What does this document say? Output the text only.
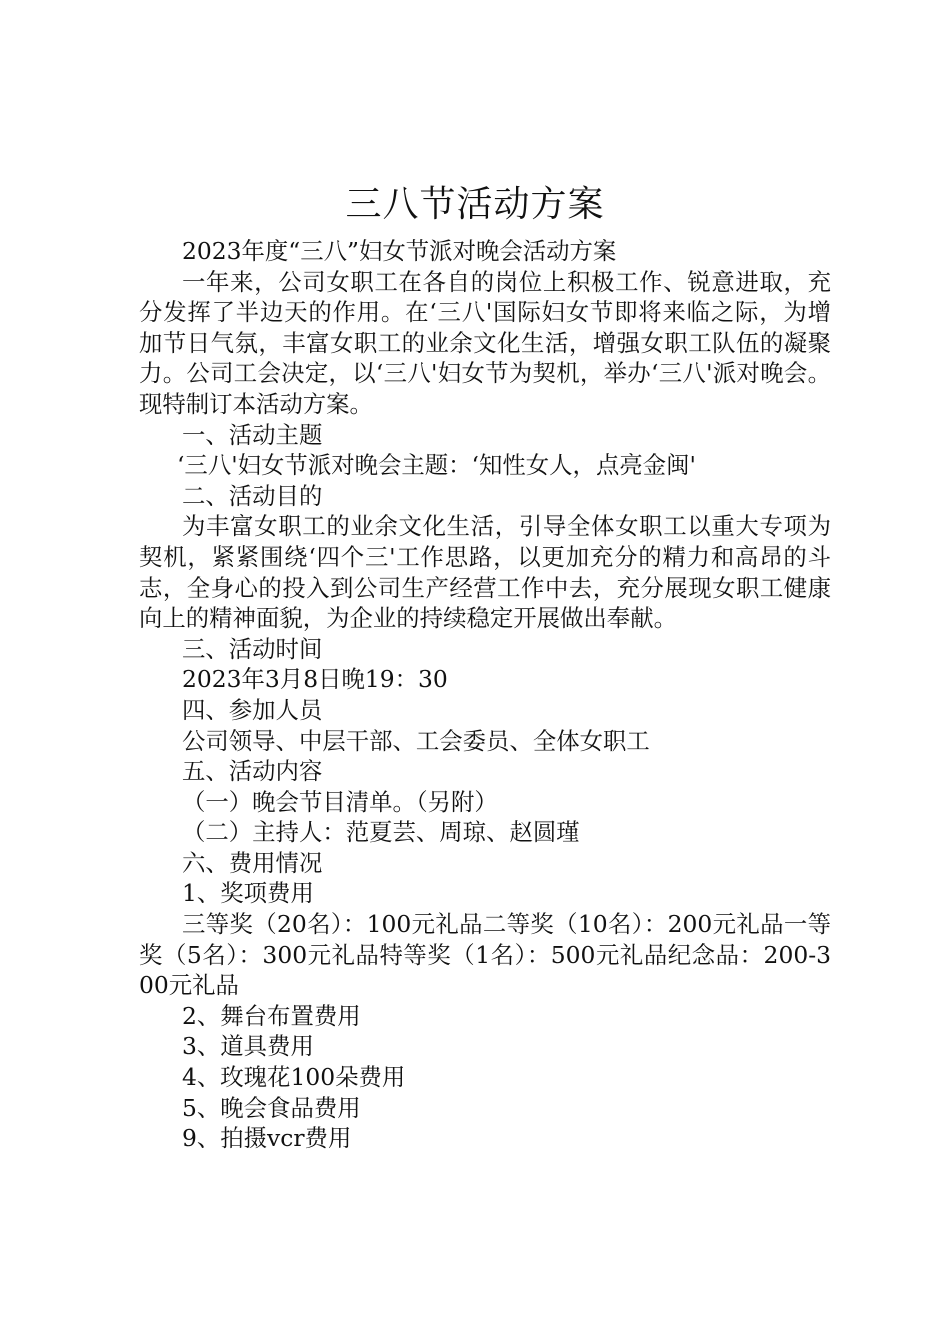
三八节活动方案

2023年度“三八”妇女节派对晚会活动方案

一年来，公司女职工在各自的岗位上积极工作、锐意进取，充分发挥了半边天的作用。在‘三八'国际妇女节即将来临之际，为增加节日气氛，丰富女职工的业余文化生活，增强女职工队伍的凝聚力。公司工会决定，以‘三八'妇女节为契机，举办‘三八'派对晚会。现特制订本活动方案。

一、活动主题

‘三八'妇女节派对晚会主题：‘知性女人，点亮金闽'

二、活动目的

为丰富女职工的业余文化生活，引导全体女职工以重大专项为契机，紧紧围绕‘四个三'工作思路，以更加充分的精力和高昂的斗志，全身心的投入到公司生产经营工作中去，充分展现女职工健康向上的精神面貌，为企业的持续稳定开展做出奉献。

三、活动时间

2023年3月8日晚19：30

四、参加人员

公司领导、中层干部、工会委员、全体女职工

五、活动内容

（一）晚会节目清单。（另附）

（二）主持人：范夏芸、周琼、赵圆瑾

六、费用情况

1、奖项费用

三等奖（20名）：100元礼品二等奖（10名）：200元礼品一等奖（5名）：300元礼品特等奖（1名）：500元礼品纪念品：200-300元礼品

2、舞台布置费用

3、道具费用

4、玫瑰花100朵费用

5、晚会食品费用

9、拍摄vcr费用
